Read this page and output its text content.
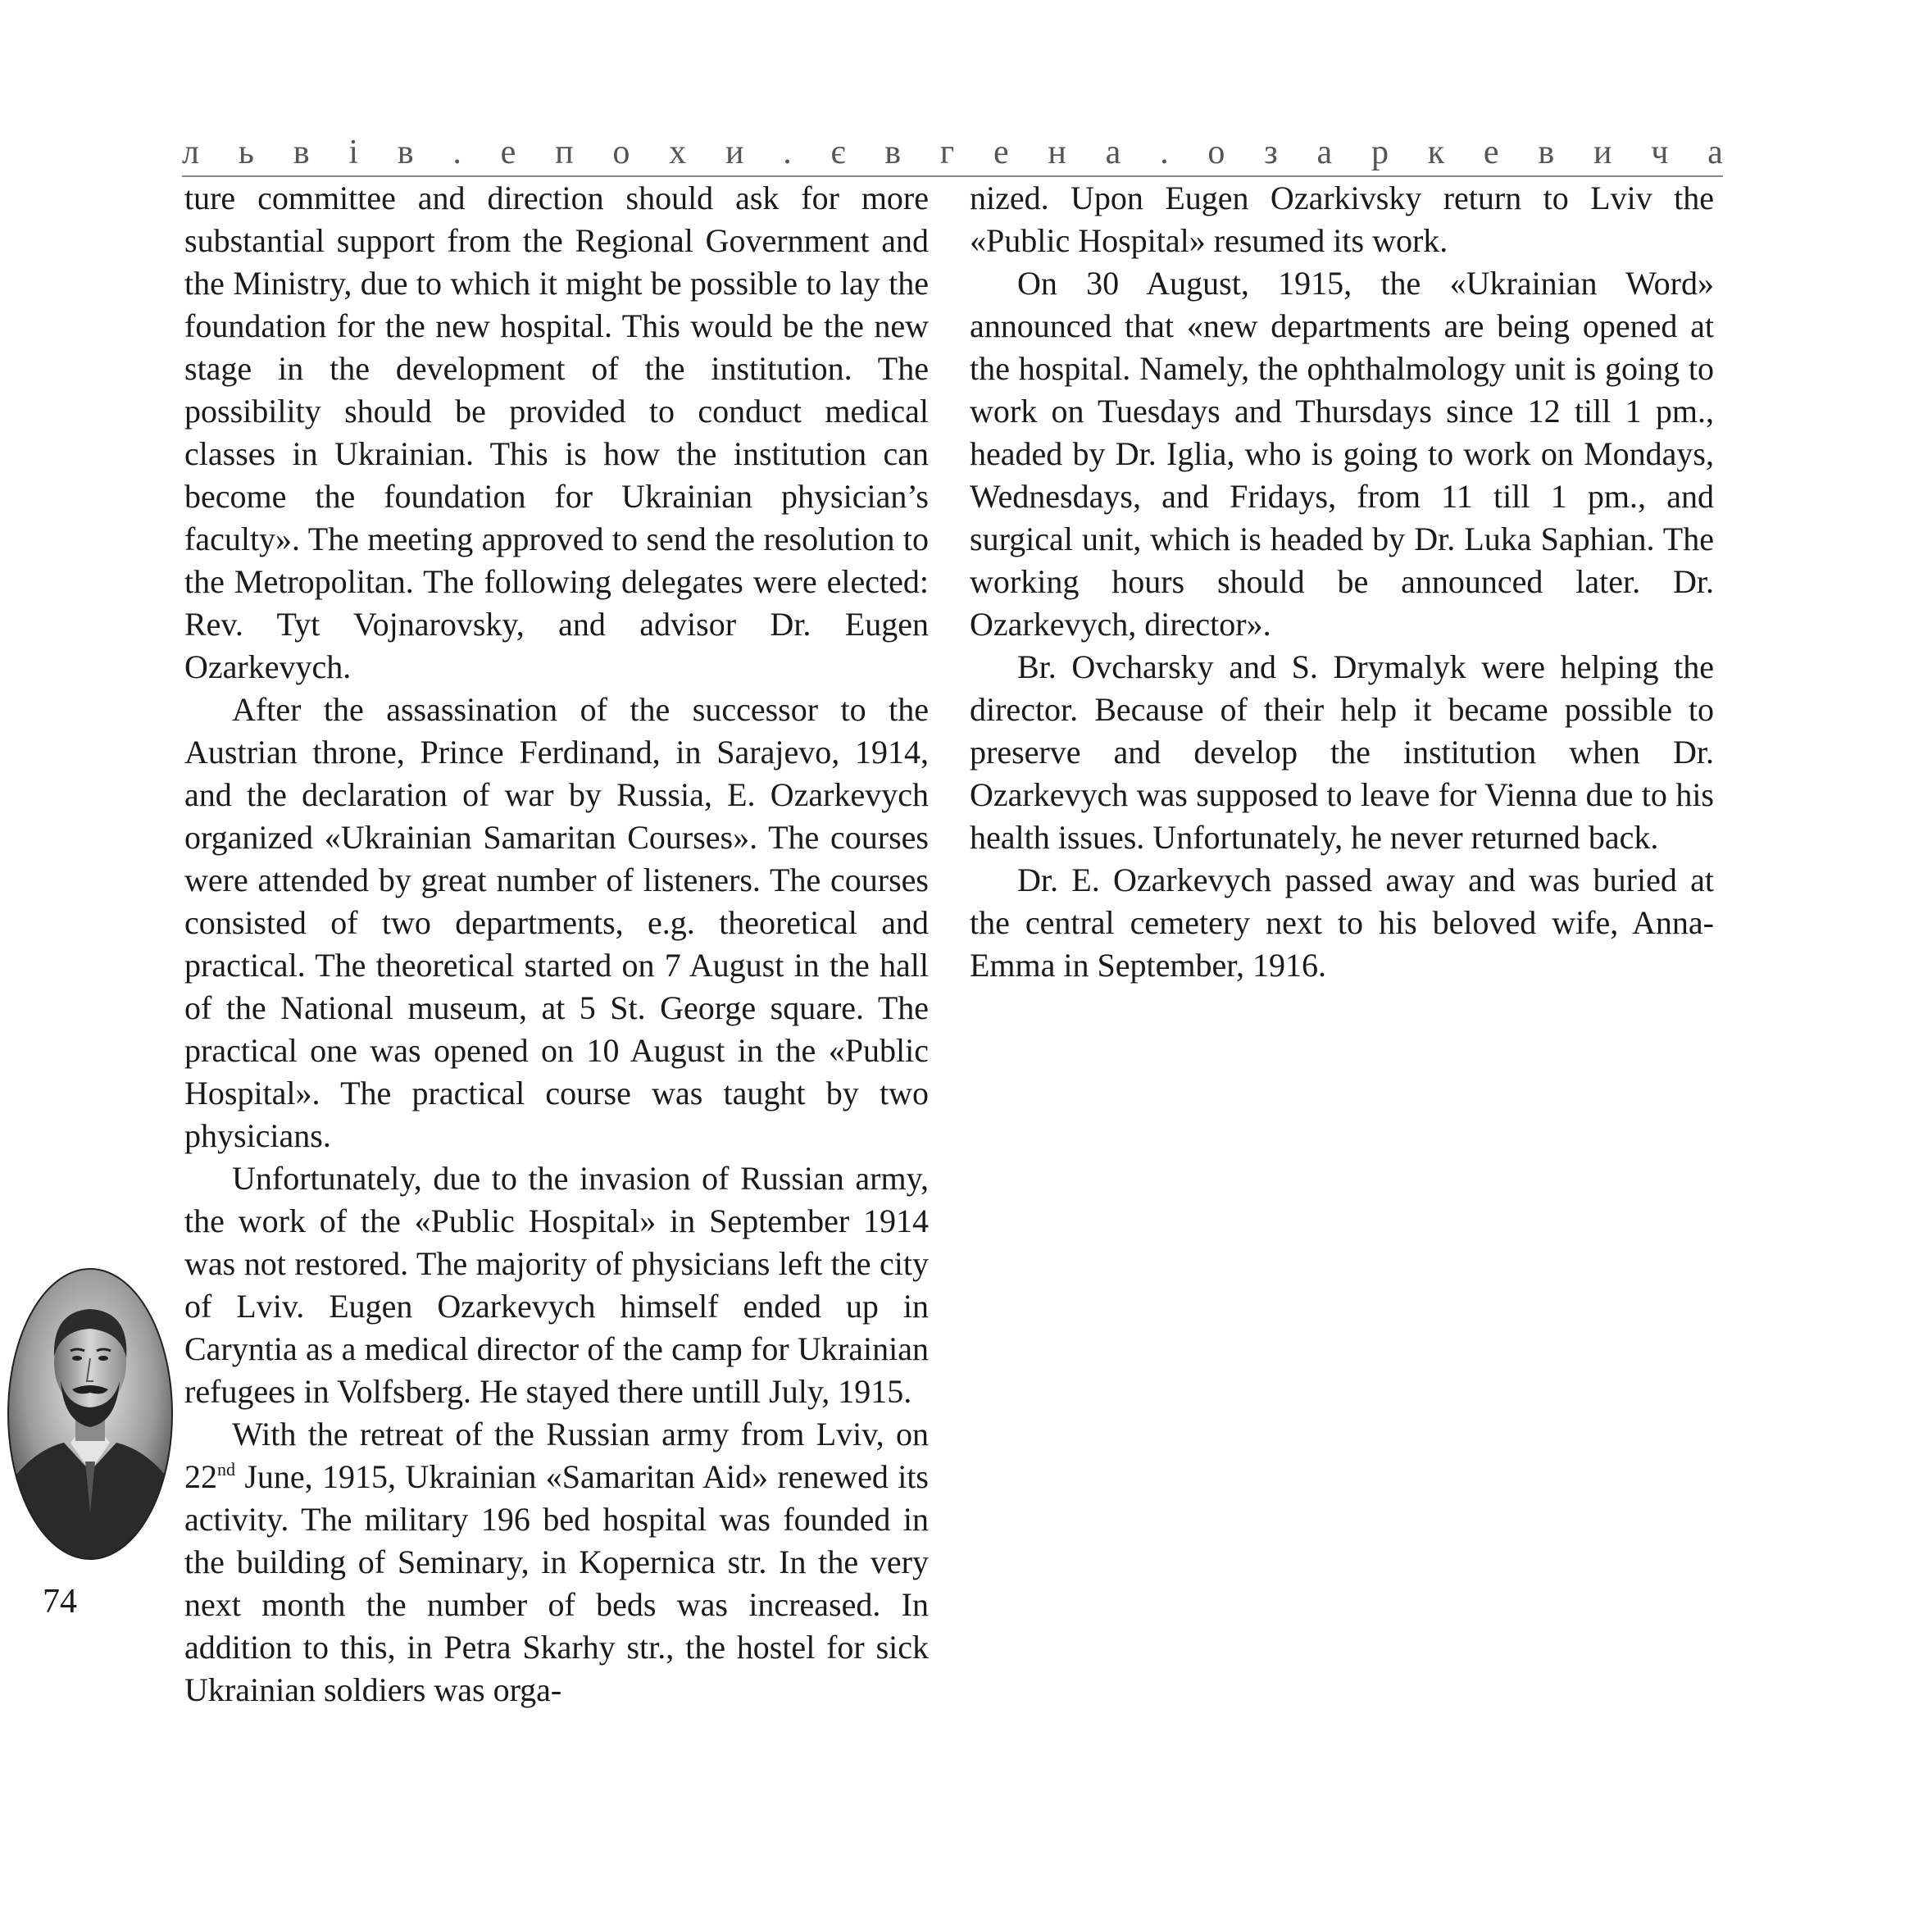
л ь в і в . е п о х и . є в г е н а . о з а р к е в и ч а

ture committee and direction should ask for more substantial support from the Regional Government and the Ministry, due to which it might be possible to lay the foundation for the new hospital. This would be the new stage in the development of the institution. The possibility should be provided to conduct medical classes in Ukrainian. This is how the institution can become the foundation for Ukrainian physician’s faculty». The meeting approved to send the resolution to the Metropolitan. The following delegates were elected: Rev. Tyt Vojnarovsky, and advisor Dr. Eugen Ozarkevych.

After the assassination of the successor to the Austrian throne, Prince Ferdinand, in Sarajevo, 1914, and the declaration of war by Russia, E. Ozarkevych organized «Ukrainian Samaritan Courses». The courses were attended by great number of listeners. The courses consisted of two departments, e.g. theoretical and practical. The theoretical started on 7 August in the hall of the National museum, at 5 St. George square. The practical one was opened on 10 August in the «Public Hospital». The practical course was taught by two physicians.

Unfortunately, due to the invasion of Russian army, the work of the «Public Hospital» in September 1914 was not restored. The majority of physicians left the city of Lviv. Eugen Ozarkevych himself ended up in Caryntia as a medical director of the camp for Ukrainian refugees in Volfsberg. He stayed there untill July, 1915.

With the retreat of the Russian army from Lviv, on 22nd June, 1915, Ukrainian «Samaritan Aid» renewed its activity. The military 196 bed hospital was founded in the building of Seminary, in Kopernica str. In the very next month the number of beds was increased. In addition to this, in Petra Skarhy str., the hostel for sick Ukrainian soldiers was orga-

nized. Upon Eugen Ozarkivsky return to Lviv the «Public Hospital» resumed its work.

On 30 August, 1915, the «Ukrainian Word» announced that «new departments are being opened at the hospital. Namely, the ophthalmology unit is going to work on Tuesdays and Thursdays since 12 till 1 pm., headed by Dr. Iglia, who is going to work on Mondays, Wednesdays, and Fridays, from 11 till 1 pm., and surgical unit, which is headed by Dr. Luka Saphian. The working hours should be announced later. Dr. Ozarkevych, director».

Br. Ovcharsky and S. Drymalyk were helping the director. Because of their help it became possible to preserve and develop the institution when Dr. Ozarkevych was supposed to leave for Vienna due to his health issues. Unfortunately, he never returned back.

Dr. E. Ozarkevych passed away and was buried at the central cemetery next to his beloved wife, Anna-Emma in September, 1916.

74
